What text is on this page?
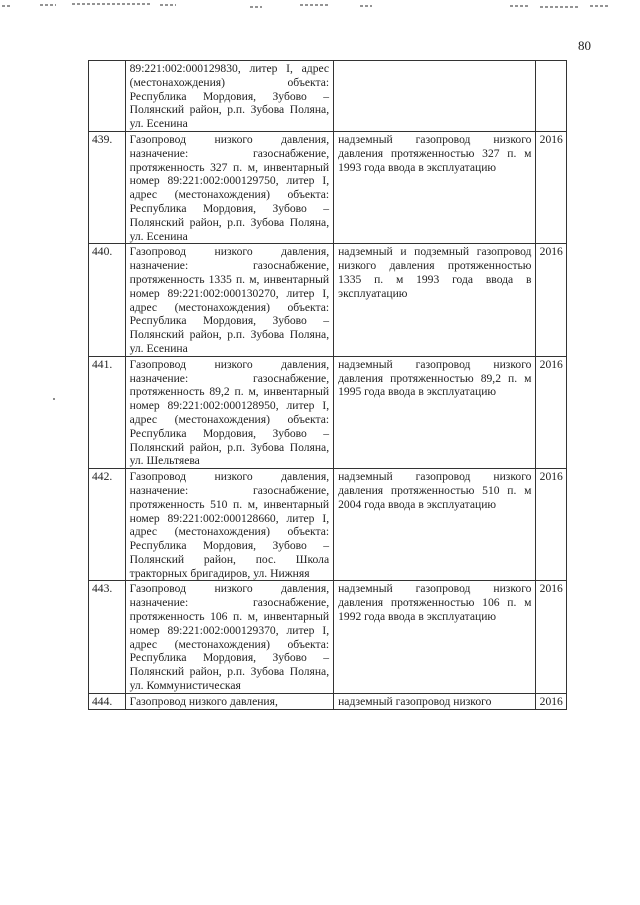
80
	89:221:002:000129830, литер I, адрес (местонахождения) объекта: Республика Мордовия, Зубово – Полянский район, р.п. Зубова Поляна, ул. Есенина		
439.	Газопровод низкого давления, назначение: газоснабжение, протяженность 327 п. м, инвентарный номер 89:221:002:000129750, литер I, адрес (местонахождения) объекта: Республика Мордовия, Зубово – Полянский район, р.п. Зубова Поляна, ул. Есенина	надземный газопровод низкого давления протяженностью 327 п. м 1993 года ввода в эксплуатацию	2016
440.	Газопровод низкого давления, назначение: газоснабжение, протяженность 1335 п. м, инвентарный номер 89:221:002:000130270, литер I, адрес (местонахождения) объекта: Республика Мордовия, Зубово – Полянский район, р.п. Зубова Поляна, ул. Есенина	надземный и подземный газопровод низкого давления протяженностью 1335 п. м 1993 года ввода в эксплуатацию	2016
441.	Газопровод низкого давления, назначение: газоснабжение, протяженность 89,2 п. м, инвентарный номер 89:221:002:000128950, литер I, адрес (местонахождения) объекта: Республика Мордовия, Зубово – Полянский район, р.п. Зубова Поляна, ул. Шельтяева	надземный газопровод низкого давления протяженностью 89,2 п. м 1995 года ввода в эксплуатацию	2016
442.	Газопровод низкого давления, назначение: газоснабжение, протяженность 510 п. м, инвентарный номер 89:221:002:000128660, литер I, адрес (местонахождения) объекта: Республика Мордовия, Зубово – Полянский район, пос. Школа тракторных бригадиров, ул. Нижняя	надземный газопровод низкого давления протяженностью 510 п. м 2004 года ввода в эксплуатацию	2016
443.	Газопровод низкого давления, назначение: газоснабжение, протяженность 106 п. м, инвентарный номер 89:221:002:000129370, литер I, адрес (местонахождения) объекта: Республика Мордовия, Зубово – Полянский район, р.п. Зубова Поляна, ул. Коммунистическая	надземный газопровод низкого давления протяженностью 106 п. м 1992 года ввода в эксплуатацию	2016
444.	Газопровод низкого давления,	надземный газопровод низкого	2016
